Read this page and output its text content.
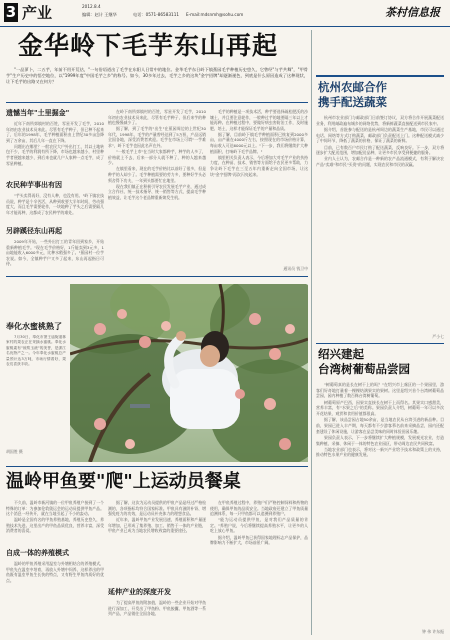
3 产业	2012.8.4
编辑：赵计 王继华	电话：0571-86583111 E-mail:mdsnmh@sohu.com	茶村信息报
金华岭下毛芋东山再起

"一品萝卜，二五芋，年前不用开荒估，"一句俗语道出了毛芋在东阳人日常中的地位。金华毛芋东日岭下镇蕉园毛芋种植历史悠久，它曾经"与芋共舞"，"甲骨芋"生产历史中的悟空地位，以"1999年度"中国毛芋之乡"的称号。如今，30多年过去，毛芋之乡的这块"金字招牌"却逐渐褪色，到底是什么原因造成了这种现状，让下毛芋的出路又在何方？

遗憾当年"土里掘金"

近年下南所郊镇村的百姓，零星开发了毛芋，2010年初由农业技术员来此。尽管有毛芋种子，但已种不起来了，后年的1998年，毛芋种植面积由上世纪30多亩急降到了万余亩，其后几年一直在下降。

问题出在哪里？一般农民大户外出打工，其以土地转包不少，毛芋的利润有所下降，市场也越来越小，村里种芋者便越来越少，到后来也就几户人家种一点毛芋，成了零星种植。

农民种芋事出有因

"芋头卖得再好，没有人种，也没有用。"岭下镇农技员说，种芋是个辛苦活，从种到收要大半年时间，劳动强度大，而且毛芋需要轮作，一块地种了芋头之后需要隔几年才能再种，这都成了农民种芋的难处。

另辟蹊径东山再起

2009年开始，一些外出打工的青年回到家乡，开始重新种植毛芋。"现在毛芋价格好，1斤能卖到3元多，1亩地能收入6000多元，比种水稻强多了。"蕉园村一位芋农说。如今，全镇种芋户又多了起来，东山再起指日可待。

在岭下南所郊镇村的百姓，零星开发了毛芋，2010年初由农业技术员来此，尽管有毛芋种子，但后来芋的种植也慢慢减少了。

据了解，到了毛芋的"出生"在蕉园周边的上世纪30年代，1998年，毛芋的产量曾经达到了5万担，产品远销全国各地，深受消费者欢迎。毛芋在市场上可谓"一芋难求"，岭下毛芋也因此名声在外。

"一般毛芋上市"在当时大家都种芋，种芋的人多了，价格就上不去，后来一部分人就不种了，种的人越来越少。

在镇里看来，现在的毛芋价格比以前好了很多，但是种芋的人却少了。毛芋种植需要的劳力多，要种好芋头必须舍得下功夫，一年到头都要忙在地里。

现在我们镇正在积极引导农民发展毛芋产业，通过成立合作社、统一技术指导、统一销售等方式，提高毛芋种植效益，让毛芋这个老品牌重新焕发生机。

毛芋的种植是一项技术活，种芋要选择疏松肥沃的沙壤土，并且要注意轮作，一般种过芋的地要隔三年以上才能再种。在种植过程中，要做好病虫害防治工作，及时施肥、培土，这样才能保证毛芋的产量和品质。

据了解，目前岭下镇毛芋种植面积已恢复到2000多亩，亩产量在4000斤左右，按照现在的市场价格计算，每亩收入可达6000元以上。"下一步，我们将继续扩大种植面积，打响岭下毛芋品牌。"

镇里相关负责人表示，今后将加大对毛芋产业的扶持力度，在种苗、技术、销售等方面给予农民更多帮助，力争让岭下毛芋在三至五年内重新走向全国市场，让这块"金字招牌"再次闪亮起来。

通讯员 钱卫中
奉化水蜜桃熟了

7月30日，奉化市萧王庙街道林家村的果农正在采摘水蜜桃。奉化水蜜桃素有"琼浆玉液"的美誉，是浙江名优特产之一。今年奉化水蜜桃总产量预计达3万吨，市场行情看好，果农们喜获丰收。

胡国胜 摄
温岭甲鱼要"爬"上运动员餐桌

不久前，温岭市新河镇的一位甲鱼养殖户接到了一个特殊的订单：为参加伦敦奥运会的运动员提供甲鱼产品。这个消息一经传开，就在当地引起了不小的轰动。

温岭是全国有名的甲鱼养殖基地，养殖历史悠久，养殖技术先进。这里出产的甲鱼品质优良，营养丰富，深受消费者的喜爱。

自成一体的养殖模式

温岭的甲鱼养殖采用温室与外塘相结合的养殖模式，甲鱼先在温室中培育，再放入外塘中饲养，这样养出的甲鱼既有温室甲鱼生长快的特点，又有野生甲鱼肉质好的优点。

据了解，这次为运动员提供的甲鱼产品是经过严格检测的，各项指标均符合国家标准。甲鱼具有滋阴补肾、增强免疫力的功效，是运动员补充体力的理想食品。

近年来，温岭甲鱼产业发展迅速，养殖面积和产量逐年增加，已形成了集养殖、加工、销售于一体的产业链，甲鱼产业已成为当地农民增收致富的重要途径。

延伸产业的深度开发

为了提高甲鱼的附加值，温岭的一些企业开始对甲鱼进行深加工，开发出了甲鱼粉、甲鱼胶囊、甲鱼酒等一系列产品，产品销往全国各地。

在甲鱼养殖过程中，养殖户们严格控制饲料和药物的使用，确保甲鱼的品质安全。当地政府还建立了甲鱼质量追溯体系，每一只甲鱼都可以追溯到养殖户。

"能为运动员提供甲鱼，是对我们产品质量的肯定。"养殖户说，今后将继续提高养殖水平，让更多的人吃上放心甲鱼。

据介绍，温岭甲鱼已获得国家地理标志产品保护，品牌影响力不断扩大，市场前景广阔。

杭州农邮合作
携手配送蔬菜

杭州市农业部门与邮政部门日前签订协议，双方将合作开展蔬菜配送业务，利用邮政遍布城乡的网络优势，将新鲜蔬菜直接配送到市民家中。

据介绍，首批参与配送的是杭州周边的蔬菜生产基地，市民可以通过电话、网络等方式订购蔬菜，邮政部门负责配送上门。这种配送模式减少了中间环节，降低了蔬菜的价格，保证了蔬菜的新鲜。

目前，已有数百户市民订购了配送蔬菜，反响良好。下一步，双方将逐步扩大配送范围，增加配送品种，让更多市民享受到便捷的服务。

业内人士认为，农邮合作是一种新的农产品流通模式，有利于解决农产品"卖难"和市民"买贵"的问题，实现农民和市民的双赢。

严小七
绍兴建起
台湾树葡萄品尝园

"树葡萄真的是长在树干上的吗？"在绍兴市上虞区的一个果园里，游客们好奇地打量着一棵棵结满果实的果树。这里是绍兴首个台湾树葡萄品尝园，园内种植了数百株台湾树葡萄。

树葡萄原产巴西，因果实直接长在树干上而得名。其果实口感甜美，营养丰富，有"水果之后"的美称。果园负责人介绍，树葡萄一年可以多次开花结果，观赏和食用价值都很高。

据了解，该品尝园占地50余亩，是当地农民从台湾引进的新品种。目前，果园已进入丰产期，每天都有不少游客慕名前来采摘品尝，园内还配套建设了休闲设施，让游客在品尝美味的同时体验田园乐趣。

果园负责人表示，下一步将继续扩大种植规模，发展观光农业，打造集种植、采摘、休闲于一体的特色农业园区，带动周边农民共同致富。

当地农业部门也表示，将对这一新兴产业给予技术和政策上的支持，推动特色水果产业的健康发展。

钟 伟 许东振
